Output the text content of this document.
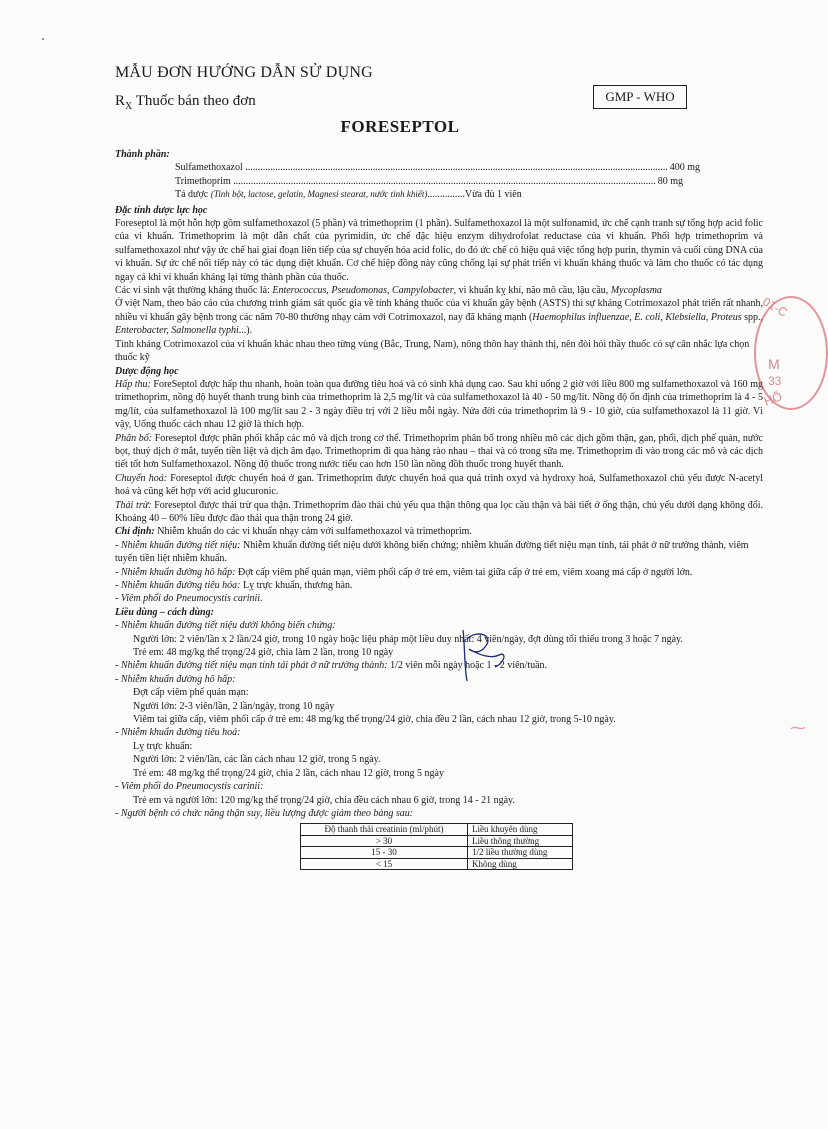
MẪU ĐƠN HƯỚNG DẪN SỬ DỤNG
$R_X$ Thuốc bán theo đơn	GMP - WHO
FORESEPTOL

Thành phần:

Sulfamethoxazol .....	400 mg
Trimethoprim .....	80 mg
Tá dược (Tinh bột, lactose, gelatin, Magnesi stearat, nước tinh khiết)...............Vừa đủ 1 viên

Đặc tính dược lực học

Foreseptol là một hỗn hợp gồm sulfamethoxazol (5 phần) và trimethoprim (1 phần). Sulfamethoxazol là một sulfonamid, ức chế cạnh tranh sự tổng hợp acid folic của vi khuẩn. Trimethoprim là một dẫn chất của pyrimidin, ức chế đặc hiệu enzym dihydrofolat reductase của vi khuẩn. Phối hợp trimethoprim và sulfamethoxazol như vậy ức chế hai giai đoạn liên tiếp của sự chuyển hóa acid folic, do đó ức chế có hiệu quả việc tổng hợp purin, thymin và cuối cùng DNA của vi khuẩn. Sự ức chế nối tiếp này có tác dụng diệt khuẩn. Cơ chế hiệp đồng này cũng chống lại sự phát triển vi khuẩn kháng thuốc và làm cho thuốc có tác dụng ngay cả khi vi khuẩn kháng lại từng thành phần của thuốc.

Các vi sinh vật thường kháng thuốc là: Enterococcus, Pseudomonas, Campylobacter, vi khuẩn kỵ khí, não mô cầu, lậu cầu, Mycoplasma

Ở việt Nam, theo báo cáo của chương trình giám sát quốc gia về tính kháng thuốc của vi khuẩn gây bệnh (ASTS) thì sự kháng Cotrimoxazol phát triển rất nhanh, nhiều vi khuẩn gây bệnh trong các năm 70-80 thường nhạy cảm với Cotrimoxazol, nay đã kháng mạnh (Haemophilus influenzae, E. coli, Klebsiella, Proteus spp., Enterobacter, Salmonella typhi...).

Tình kháng Cotrimoxazol của vi khuẩn khác nhau theo từng vùng (Bắc, Trung, Nam), nông thôn hay thành thị, nên đòi hỏi thầy thuốc có sự cân nhắc lựa chọn thuốc kỹ

Dược động học

Hấp thu: ForeSeptol được hấp thu nhanh, hoàn toàn qua đường tiêu hoá và có sinh khả dụng cao. Sau khi uống 2 giờ với liều 800 mg sulfamethoxazol và 160 mg trimethoprim, nồng độ huyết thanh trung bình của trimethoprim là 2,5 mg/lít và của sulfamethoxazol là 40 - 50 mg/lít. Nồng độ ổn định của trimethoprim là 4 - 5 mg/lít, của sulfamethoxazol là 100 mg/lít sau 2 - 3 ngày điều trị với 2 liều mỗi ngày. Nửa đời của trimethoprim là 9 - 10 giờ, của sulfamethoxazol là 11 giờ. Vì vậy, Uống thuốc cách nhau 12 giờ là thích hợp.

Phân bố: Foreseptol được phân phối khắp các mô và dịch trong cơ thể. Trimethoprim phân bố trong nhiều mô các dịch gồm thận, gan, phổi, dịch phế quản, nước bọt, thuỷ dịch ở mắt, tuyến tiền liệt và dịch âm đạo. Trimethoprim đi qua hàng rào nhau – thai và có trong sữa mẹ. Trimethoprim đi vào trong các mô và các dịch tiết tốt hơn Sulfamethoxazol. Nồng độ thuốc trong nước tiểu cao hơn 150 lần nồng đồh thuốc trong huyết thanh.

Chuyển hoá: Foreseptol được chuyển hoá ở gan. Trimethoprim được chuyển hoá qua quá trình oxyd và hydroxy hoá, Sulfamethoxazol chủ yếu được N-acetyl hoá và cũng kết hợp với acid glucuronic.

Thải trừ: Foreseptol được thải trừ qua thận. Trimethoprim đào thải chủ yếu qua thận thông qua lọc cầu thận và bài tiết ở ống thận, chủ yếu dưới dạng không đổi. Khoảng 40 – 60% liều được đào thải qua thận trong 24 giờ.

Chỉ định: Nhiễm khuẩn do các vi khuẩn nhạy cảm với sulfamethoxazol và trimethoprim.

- Nhiễm khuẩn đường tiết niệu: Nhiễm khuẩn đường tiết niệu dưới không biến chứng; nhiễm khuẩn đường tiết niệu mạn tính, tái phát ở nữ trưởng thành, viêm tuyến tiền liệt nhiễm khuẩn.

- Nhiễm khuẩn đường hô hấp: Đợt cấp viêm phế quản mạn, viêm phổi cấp ở trẻ em, viêm tai giữa cấp ở trẻ em, viêm xoang má cấp ở người lớn.

- Nhiễm khuẩn đường tiêu hóa: Lỵ trực khuẩn, thương hàn.

- Viêm phổi do Pneumocystis carinii.

Liều dùng – cách dùng:

- Nhiễm khuẩn đường tiết niệu dưới không biến chứng:

Người lớn: 2 viên/lần x 2 lần/24 giờ, trong 10 ngày hoặc liệu pháp một liều duy nhất: 4 viên/ngày, đợt dùng tối thiểu trong 3 hoặc 7 ngày.

Trẻ em: 48 mg/kg thể trọng/24 giờ, chia làm 2 lần, trong 10 ngày

- Nhiễm khuẩn đường tiết niệu mạn tính tái phát ở nữ trưởng thành: 1/2 viên mỗi ngày hoặc 1 - 2 viên/tuần.

- Nhiễm khuẩn đường hô hấp:

Đợt cấp viêm phế quản mạn:

Người lớn: 2-3 viên/lần, 2 lần/ngày, trong 10 ngày

Viêm tai giữa cấp, viêm phổi cấp ở trẻ em: 48 mg/kg thể trọng/24 giờ, chia đều 2 lần, cách nhau 12 giờ, trong 5-10 ngày.

- Nhiễm khuẩn đường tiêu hoá:

Lỵ trực khuẩn:

Người lớn: 2 viên/lần, các lần cách nhau 12 giờ, trong 5 ngày.

Trẻ em: 48 mg/kg thể trọng/24 giờ, chia 2 lần, cách nhau 12 giờ, trong 5 ngày

- Viêm phổi do Pneumocystis carinii:

Trẻ em và người lớn: 120 mg/kg thể trọng/24 giờ, chia đều cách nhau 6 giờ, trong 14 - 21 ngày.

- Người bệnh có chức năng thận suy, liều lượng được giảm theo bảng sau:

Độ thanh thải creatinin (ml/phút)	Liều khuyên dùng
> 30	Liều thông thường
15 - 30	1/2 liều thường dùng
< 15	Không dùng
01-C
M
33
HỐ
⁓
